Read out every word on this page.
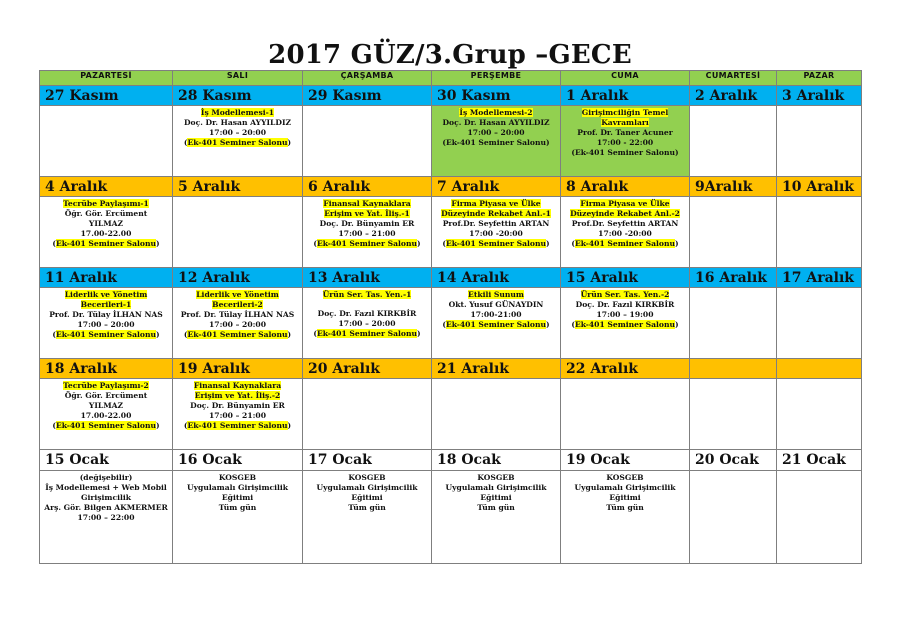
2017 GÜZ/3.Grup –GECE
PAZARTESİ	SALI	ÇARŞAMBA	PERŞEMBE	CUMA	CUMARTESİ	PAZAR
27 Kasım	28 Kasım	29 Kasım	30 Kasım	1 Aralık	2 Aralık	3 Aralık

	İş Modellemesi-1
Doç. Dr. Hasan AYYILDIZ
17:00 – 20:00
(Ek-401 Seminer Salonu)		İş Modellemesi-2
Doç. Dr. Hasan AYYILDIZ
17:00 – 20:00
(Ek-401 Seminer Salonu)	Girişimciliğin Temel
Kavramları
Prof. Dr. Taner Acuner
17:00 - 22:00
(Ek-401 Seminer Salonu)		

4 Aralık	5 Aralık	6 Aralık	7 Aralık	8 Aralık	9Aralık	10 Aralık

Tecrübe Paylaşımı-1
Öğr. Gör. Ercüment
YILMAZ
17.00-22.00
(Ek-401 Seminer Salonu)		Finansal Kaynaklara
Erişim ve Yat. İliş.-1
Doç. Dr. Bünyamin ER
17:00 – 21:00
(Ek-401 Seminer Salonu)	Firma Piyasa ve Ülke
Düzeyinde Rekabet Anl.-1
Prof.Dr. Seyfettin ARTAN
17:00 -20:00
(Ek-401 Seminer Salonu)	Firma Piyasa ve Ülke
Düzeyinde Rekabet Anl.-2
Prof.Dr. Seyfettin ARTAN
17:00 -20:00
(Ek-401 Seminer Salonu)		

11 Aralık	12 Aralık	13 Aralık	14 Aralık	15 Aralık	16 Aralık	17 Aralık

Liderlik ve Yönetim
Becerileri-1
Prof. Dr. Tülay İLHAN NAS
17:00 – 20:00
(Ek-401 Seminer Salonu)	Liderlik ve Yönetim
Becerileri-2
Prof. Dr. Tülay İLHAN NAS
17:00 – 20:00
(Ek-401 Seminer Salonu)	Ürün Ser. Tas. Yen.-1
Doç. Dr. Fazıl KIRKBİR
17:00 – 20:00
(Ek-401 Seminer Salonu)	Etkili Sunum
Okt. Yusuf GÜNAYDIN
17:00-21:00
(Ek-401 Seminer Salonu)	Ürün Ser. Tas. Yen.-2
Doç. Dr. Fazıl KIRKBİR
17:00 – 19:00
(Ek-401 Seminer Salonu)		

18 Aralık	19 Aralık	20 Aralık	21 Aralık	22 Aralık		

Tecrübe Paylaşımı-2
Öğr. Gör. Ercüment
YILMAZ
17.00-22.00
(Ek-401 Seminer Salonu)	Finansal Kaynaklara
Erişim ve Yat. İliş.-2
Doç. Dr. Bünyamin ER
17:00 – 21:00
(Ek-401 Seminer Salonu)					

15 Ocak	16 Ocak	17 Ocak	18 Ocak	19 Ocak	20 Ocak	21 Ocak

(değişebilir)
İş Modellemesi + Web Mobil
Girişimcilik
Arş. Gör. Bilgen AKMERMER
17:00 – 22:00	KOSGEB
Uygulamalı Girişimcilik
Eğitimi
Tüm gün	KOSGEB
Uygulamalı Girişimcilik
Eğitimi
Tüm gün	KOSGEB
Uygulamalı Girişimcilik
Eğitimi
Tüm gün	KOSGEB
Uygulamalı Girişimcilik
Eğitimi
Tüm gün		
